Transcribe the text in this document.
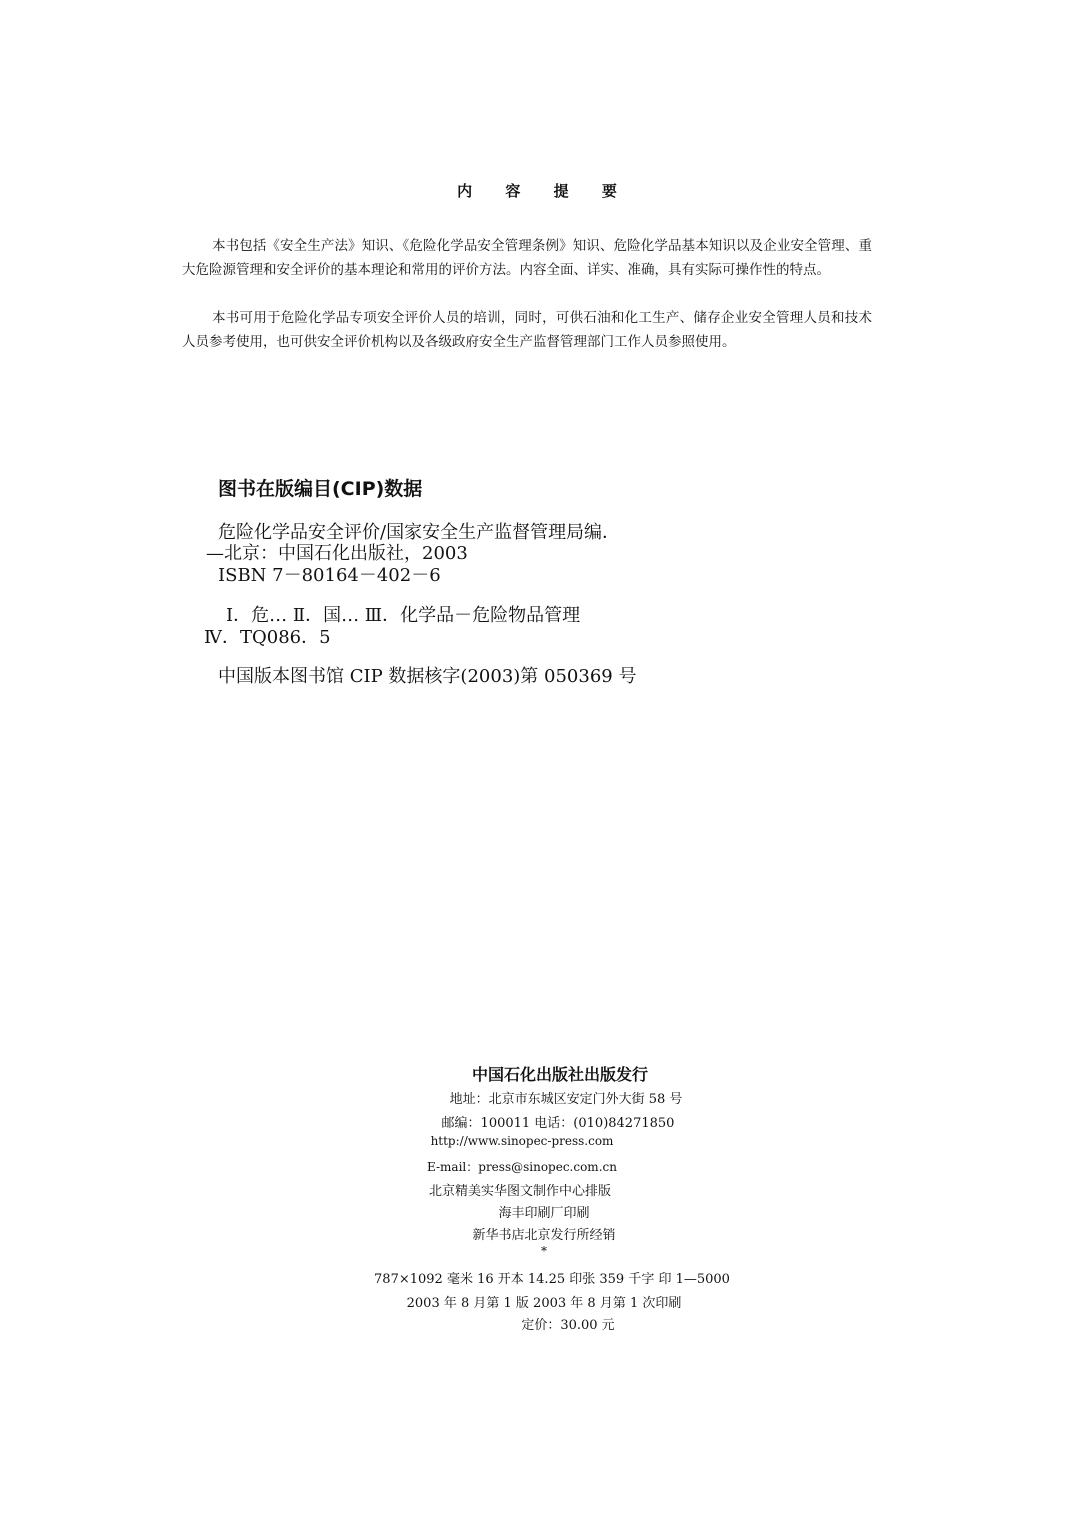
内 容 提 要

本书包括《安全生产法》知识、《危险化学品安全管理条例》知识、危险化学品基本知识以及企业安全管理、重大危险源管理和安全评价的基本理论和常用的评价方法。内容全面、详实、准确，具有实际可操作性的特点。

本书可用于危险化学品专项安全评价人员的培训，同时，可供石油和化工生产、储存企业安全管理人员和技术人员参考使用，也可供安全评价机构以及各级政府安全生产监督管理部门工作人员参照使用。

图书在版编目(CIP)数据
危险化学品安全评价/国家安全生产监督管理局编．
—北京：中国石化出版社，2003
ISBN 7－80164－402－6
Ⅰ．危… Ⅱ．国… Ⅲ．化学品－危险物品管理
Ⅳ．TQ086．5
中国版本图书馆 CIP 数据核字(2003)第 050369 号
中国石化出版社出版发行
地址：北京市东城区安定门外大街 58 号
邮编：100011 电话：(010)84271850
http://www.sinopec-press.com
E-mail：press@sinopec.com.cn
北京精美实华图文制作中心排版
海丰印刷厂印刷
新华书店北京发行所经销
*
787×1092 毫米 16 开本 14.25 印张 359 千字 印 1—5000
2003 年 8 月第 1 版 2003 年 8 月第 1 次印刷
定价：30.00 元
